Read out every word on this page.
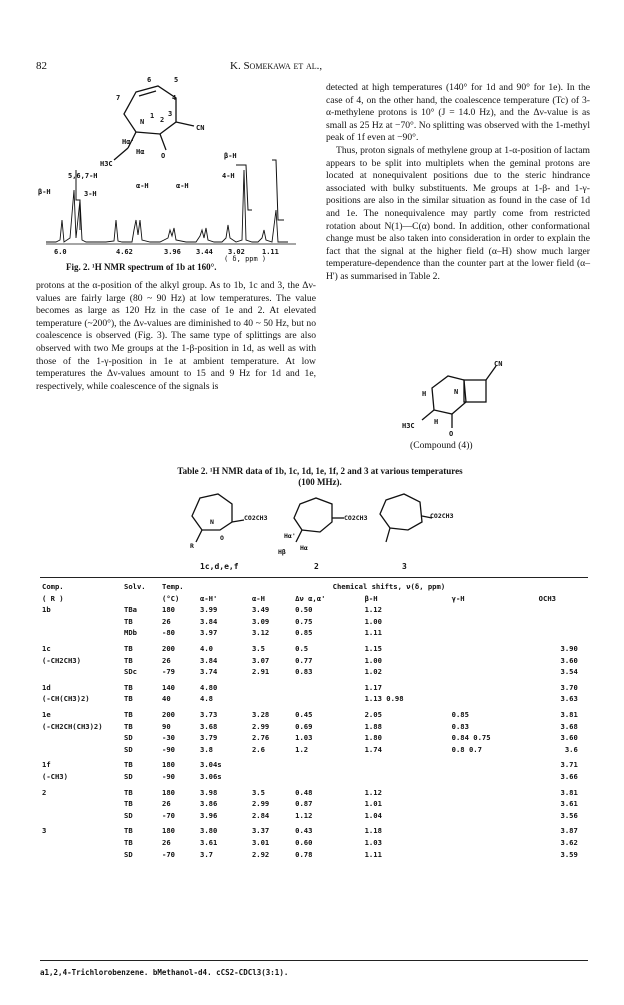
82	K. Somekawa et al.,
6	5
7
N
1 2
3
4
CN
Hα'
Hα
H3C
O	β-H
5,6,7-H
α-H	α-H
4-H
β-H	3-H
6.0	4.62	3.96 3.44 3.02 1.11
( δ, ppm )
Fig. 2. ¹H NMR spectrum of 1b at 160°.

detected at high temperatures (140° for 1d and 90° for 1e). In the case of 4, on the other hand, the coalescence temperature (Tc) of 3-α-methylene protons is 10° (J = 14.0 Hz), and the Δν-value is as small as 25 Hz at −70°. No splitting was observed with the 1-methyl peak of 1f even at −90°.

Thus, proton signals of methylene group at 1-α-position of lactam appears to be split into multiplets when the geminal protons are located at nonequivalent positions due to the steric hindrance associated with bulky substituents. Me groups at 1-β- and 1-γ-positions are also in the similar situation as found in the case of 1d and 1e. The nonequivalence may partly come from restricted rotation about N(1)—C(α) bond. In addition, other conformational change must be also taken into consideration in order to explain the fact that the signal at the higher field (α–H) show much larger temperature-dependence than the counter part at the lower field (α–H') as summarised in Table 2.

protons at the α-position of the alkyl group. As to 1b, 1c and 3, the Δν-values are fairly large (80 ~ 90 Hz) at low temperatures. The value becomes as large as 120 Hz in the case of 1e and 2. At elevated temperature (~200°), the Δν-values are diminished to 40 ~ 50 Hz, but no coalescence is observed (Fig. 3). The same type of splittings are also observed with two Me groups at the 1-β-position in 1d, as well as with those of the 1-γ-position in 1e at ambient temperature. At low temperatures the Δν-values amount to 15 and 9 Hz for 1d and 1e, respectively, while coalescence of the signals is

CN
H	N
H3C	H
O
(Compound (4))
Table 2. ¹H NMR data of 1b, 1c, 1d, 1e, 1f, 2 and 3 at various temperatures
(100 MHz).
CO2CH3
N
R
O
CO2CH3
Hα'
Hα
Hβ
CO2CH3
1c,d,e,f	2	3
Comp.	Solv.	Temp.	Chemical shifts, ν(δ, ppm)						
( R )		(°C)	α-H'	α-H	Δν α,α'	β-H	γ-H	OCH3	
1b	TBa	180	3.99	3.49	0.50	1.12			
	TB	26	3.84	3.09	0.75	1.00			
	MDb	-80	3.97	3.12	0.85	1.11			
1c	TB	200	4.0	3.5	0.5	1.15		3.90	
(-CH2CH3)	TB	26	3.84	3.07	0.77	1.00		3.60	
	SDc	-79	3.74	2.91	0.83	1.02		3.54	
1d	TB	140	4.80			1.17		3.70	
(-CH(CH3)2)	TB	40	4.8			1.13 0.98		3.63	
1e	TB	200	3.73	3.28	0.45	2.05	0.85	3.81	
(-CH2CH(CH3)2)	TB	90	3.68	2.99	0.69	1.88	0.83	3.68	
	SD	-30	3.79	2.76	1.03	1.80	0.84 0.75	3.60	
	SD	-90	3.8	2.6	1.2	1.74	0.8 0.7	3.6	
1f	TB	180	3.04s					3.71	
(-CH3)	SD	-90	3.06s					3.66	
2	TB	180	3.98	3.5	0.48	1.12		3.81	
	TB	26	3.86	2.99	0.87	1.01		3.61	
	SD	-70	3.96	2.84	1.12	1.04		3.56	
3	TB	180	3.80	3.37	0.43	1.18		3.87	
	TB	26	3.61	3.01	0.60	1.03		3.62	
	SD	-70	3.7	2.92	0.78	1.11		3.59	
a1,2,4-Trichlorobenzene. bMethanol-d4. cCS2-CDCl3(3:1).
